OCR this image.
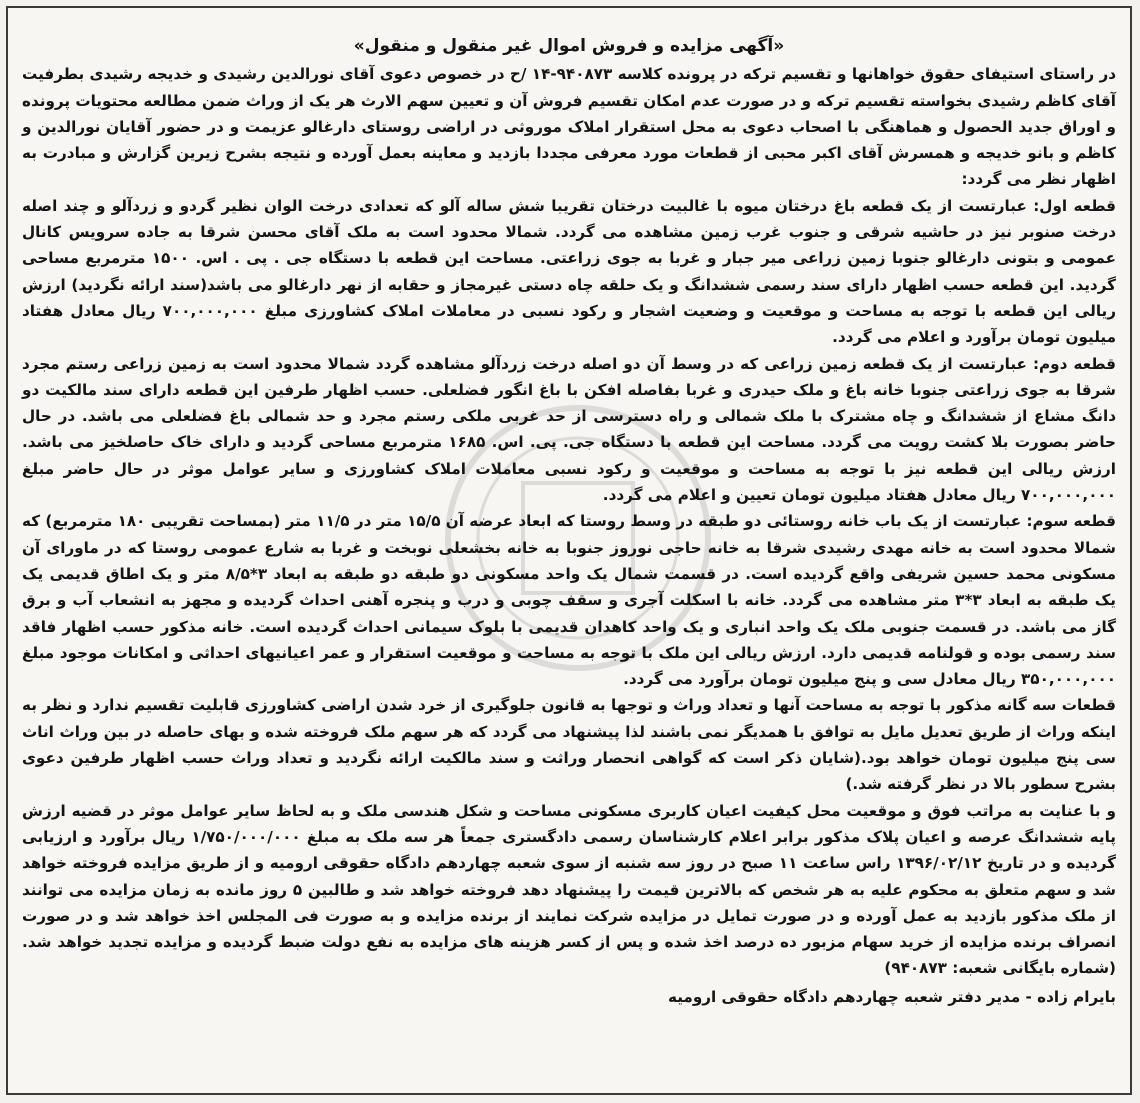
«آگهی مزایده و فروش اموال غیر منقول و منقول»

در راستای استیفای حقوق خواهانها و تقسیم ترکه در پرونده کلاسه ۹۴۰۸۷۳-۱۴ /ح در خصوص دعوی آقای نورالدین رشیدی و خدیجه رشیدی بطرفیت آقای کاظم رشیدی بخواسته تقسیم ترکه و در صورت عدم امکان تقسیم فروش آن و تعیین سهم الارث هر یک از وراث ضمن مطالعه محتویات پرونده و اوراق جدید الحصول و هماهنگی با اصحاب دعوی به محل استقرار املاک موروثی در اراضی روستای دارغالو عزیمت و در حضور آقایان نورالدین و کاظم و بانو خدیجه و همسرش آقای اکبر محبی از قطعات مورد معرفی مجددا بازدید و معاینه بعمل آورده و نتیجه بشرح زیرین گزارش و مبادرت به اظهار نظر می گردد:

قطعه اول: عبارتست از یک قطعه باغ درختان میوه با غالبیت درختان تقریبا شش ساله آلو که تعدادی درخت الوان نظیر گردو و زردآلو و چند اصله درخت صنوبر نیز در حاشیه شرقی و جنوب غرب زمین مشاهده می گردد. شمالا محدود است به ملک آقای محسن شرقا به جاده سرویس کانال عمومی و بتونی دارغالو جنوبا زمین زراعی میر جبار و غربا به جوی زراعتی. مساحت این قطعه با دستگاه جی . پی . اس. ۱۵۰۰ مترمربع مساحی گردید. این قطعه حسب اظهار دارای سند رسمی ششدانگ و یک حلقه چاه دستی غیرمجاز و حقابه از نهر دارغالو می باشد(سند ارائه نگردید) ارزش ریالی این قطعه با توجه به مساحت و موقعیت و وضعیت اشجار و رکود نسبی در معاملات املاک کشاورزی مبلغ ۷۰۰,۰۰۰,۰۰۰ ریال معادل هفتاد میلیون تومان برآورد و اعلام می گردد.

قطعه دوم: عبارتست از یک قطعه زمین زراعی که در وسط آن دو اصله درخت زردآلو مشاهده گردد شمالا محدود است به زمین زراعی رستم مجرد شرقا به جوی زراعتی جنوبا خانه باغ و ملک حیدری و غربا بفاصله افکن با باغ انگور فضلعلی. حسب اظهار طرفین این قطعه دارای سند مالکیت دو دانگ مشاع از ششدانگ و چاه مشترک با ملک شمالی و راه دسترسی از حد غربی ملکی رستم مجرد و حد شمالی باغ فضلعلی می باشد. در حال حاضر بصورت بلا کشت رویت می گردد. مساحت این قطعه با دستگاه جی. پی. اس. ۱۶۸۵ مترمربع مساحی گردید و دارای خاک حاصلخیز می باشد. ارزش ریالی این قطعه نیز با توجه به مساحت و موقعیت و رکود نسبی معاملات املاک کشاورزی و سایر عوامل موثر در حال حاضر مبلغ ۷۰۰,۰۰۰,۰۰۰ ریال معادل هفتاد میلیون تومان تعیین و اعلام می گردد.

قطعه سوم: عبارتست از یک باب خانه روستائی دو طبقه در وسط روستا که ابعاد عرضه آن ۱۵/۵ متر در ۱۱/۵ متر (بمساحت تقریبی ۱۸۰ مترمربع) که شمالا محدود است به خانه مهدی رشیدی شرقا به خانه حاجی نوروز جنوبا به خانه بخشعلی نوبخت و غربا به شارع عمومی روستا که در ماورای آن مسکونی محمد حسین شریفی واقع گردیده است. در قسمت شمال یک واحد مسکونی دو طبقه دو طبقه به ابعاد ۳*۸/۵ متر و یک اطاق قدیمی یک یک طبقه به ابعاد ۳*۳ متر مشاهده می گردد. خانه با اسکلت آجری و سقف چوبی و درب و پنجره آهنی احداث گردیده و مجهز به انشعاب آب و برق گاز می باشد. در قسمت جنوبی ملک یک واحد انباری و یک واحد کاهدان قدیمی با بلوک سیمانی احداث گردیده است. خانه مذکور حسب اظهار فاقد سند رسمی بوده و قولنامه قدیمی دارد. ارزش ریالی این ملک با توجه به مساحت و موقعیت استقرار و عمر اعیانیهای احداثی و امکانات موجود مبلغ ۳۵۰,۰۰۰,۰۰۰ ریال معادل سی و پنج میلیون تومان برآورد می گردد.

قطعات سه گانه مذکور با توجه به مساحت آنها و تعداد وراث و توجها به قانون جلوگیری از خرد شدن اراضی کشاورزی قابلیت تقسیم ندارد و نظر به اینکه وراث از طریق تعدیل مایل به توافق با همدیگر نمی باشند لذا پیشنهاد می گردد که هر سهم ملک فروخته شده و بهای حاصله در بین وراث اناث سی پنج میلیون تومان خواهد بود.(شایان ذکر است که گواهی انحصار وراثت و سند مالکیت ارائه نگردید و تعداد وراث حسب اظهار طرفین دعوی بشرح سطور بالا در نظر گرفته شد.)

و با عنایت به مراتب فوق و موقعیت محل کیفیت اعیان کاربری مسکونی مساحت و شکل هندسی ملک و به لحاظ سایر عوامل موثر در قضیه ارزش پایه ششدانگ عرصه و اعیان پلاک مذکور برابر اعلام کارشناسان رسمی دادگستری جمعاً هر سه ملک به مبلغ ۱/۷۵۰/۰۰۰/۰۰۰ ریال برآورد و ارزیابی گردیده و در تاریخ ۱۳۹۶/۰۲/۱۲ راس ساعت ۱۱ صبح در روز سه شنبه از سوی شعبه چهاردهم دادگاه حقوقی ارومیه و از طریق مزایده فروخته خواهد شد و سهم متعلق به محکوم علیه به هر شخص که بالاترین قیمت را پیشنهاد دهد فروخته خواهد شد و طالبین ۵ روز مانده به زمان مزایده می توانند از ملک مذکور بازدید به عمل آورده و در صورت تمایل در مزایده شرکت نمایند از برنده مزایده و به صورت فی المجلس اخذ خواهد شد و در صورت انصراف برنده مزایده از خرید سهام مزبور ده درصد اخذ شده و پس از کسر هزینه های مزایده به نفع دولت ضبط گردیده و مزایده تجدید خواهد شد.(شماره بایگانی شعبه: ۹۴۰۸۷۳)

بایرام زاده - مدیر دفتر شعبه چهاردهم دادگاه حقوقی ارومیه
